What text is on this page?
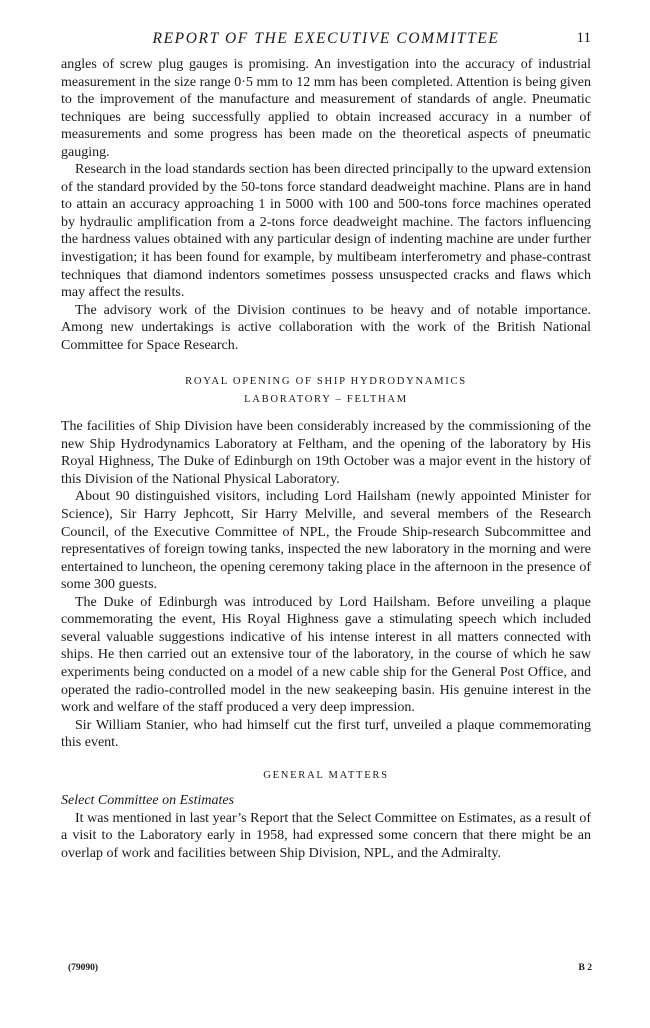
REPORT OF THE EXECUTIVE COMMITTEE	11

angles of screw plug gauges is promising. An investigation into the accuracy of industrial measurement in the size range 0·5 mm to 12 mm has been completed. Attention is being given to the improvement of the manufacture and measurement of standards of angle. Pneumatic techniques are being successfully applied to obtain increased accuracy in a number of measurements and some progress has been made on the theoretical aspects of pneumatic gauging.

Research in the load standards section has been directed principally to the upward extension of the standard provided by the 50-tons force standard deadweight machine. Plans are in hand to attain an accuracy approaching 1 in 5000 with 100 and 500-tons force machines operated by hydraulic amplification from a 2-tons force deadweight machine. The factors influencing the hardness values obtained with any particular design of indenting machine are under further investigation; it has been found for example, by multibeam interferometry and phase-contrast techniques that diamond indentors sometimes possess unsuspected cracks and flaws which may affect the results.

The advisory work of the Division continues to be heavy and of notable importance. Among new undertakings is active collaboration with the work of the British National Committee for Space Research.

ROYAL OPENING OF SHIP HYDRODYNAMICS
LABORATORY – FELTHAM

The facilities of Ship Division have been considerably increased by the commissioning of the new Ship Hydrodynamics Laboratory at Feltham, and the opening of the laboratory by His Royal Highness, The Duke of Edinburgh on 19th October was a major event in the history of this Division of the National Physical Laboratory.

About 90 distinguished visitors, including Lord Hailsham (newly appointed Minister for Science), Sir Harry Jephcott, Sir Harry Melville, and several members of the Research Council, of the Executive Committee of NPL, the Froude Ship-research Subcommittee and representatives of foreign towing tanks, inspected the new laboratory in the morning and were entertained to luncheon, the opening ceremony taking place in the afternoon in the presence of some 300 guests.

The Duke of Edinburgh was introduced by Lord Hailsham. Before unveiling a plaque commemorating the event, His Royal Highness gave a stimulating speech which included several valuable suggestions indicative of his intense interest in all matters connected with ships. He then carried out an extensive tour of the laboratory, in the course of which he saw experiments being conducted on a model of a new cable ship for the General Post Office, and operated the radio-controlled model in the new seakeeping basin. His genuine interest in the work and welfare of the staff produced a very deep impression.

Sir William Stanier, who had himself cut the first turf, unveiled a plaque commemorating this event.

GENERAL MATTERS
Select Committee on Estimates

It was mentioned in last year’s Report that the Select Committee on Estimates, as a result of a visit to the Laboratory early in 1958, had expressed some concern that there might be an overlap of work and facilities between Ship Division, NPL, and the Admiralty.

(79090)	B 2
